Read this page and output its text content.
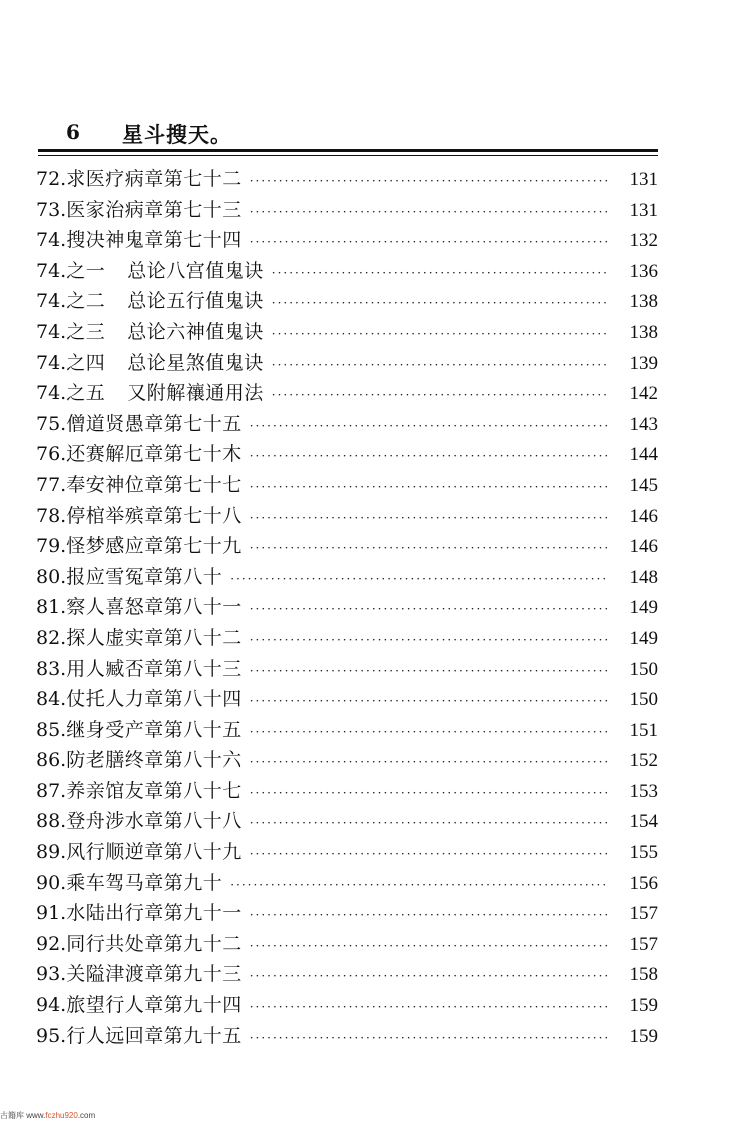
6 星斗搜天。
72. 求医疗病章第七十二 ·····	131
73. 医家治病章第七十三 ·····	131
74. 搜决神鬼章第七十四 ·····	132
74. 之一	总论八宫值鬼诀 ·····	136
74. 之二	总论五行值鬼诀 ·····	138
74. 之三	总论六神值鬼诀 ·····	138
74. 之四	总论星煞值鬼诀 ·····	139
74. 之五	又附解禳通用法 ·····	142
75. 僧道贤愚章第七十五 ·····	143
76. 还赛解厄章第七十木 ·····	144
77. 奉安神位章第七十七 ·····	145
78. 停棺举殡章第七十八 ·····	146
79. 怪梦感应章第七十九 ·····	146
80. 报应雪冤章第八十 ·····	148
81. 察人喜怒章第八十一 ·····	149
82. 探人虚实章第八十二 ·····	149
83. 用人臧否章第八十三 ·····	150
84. 仗托人力章第八十四 ·····	150
85. 继身受产章第八十五 ·····	151
86. 防老膳终章第八十六 ·····	152
87. 养亲馆友章第八十七 ·····	153
88. 登舟涉水章第八十八 ·····	154
89. 风行顺逆章第八十九 ·····	155
90. 乘车驾马章第九十 ·····	156
91. 水陆出行章第九十一 ·····	157
92. 同行共处章第九十二 ·····	157
93. 关隘津渡章第九十三 ·····	158
94. 旅望行人章第九十四 ·····	159
95. 行人远回章第九十五 ·····	159
古籍库 www.fczhu920.com
